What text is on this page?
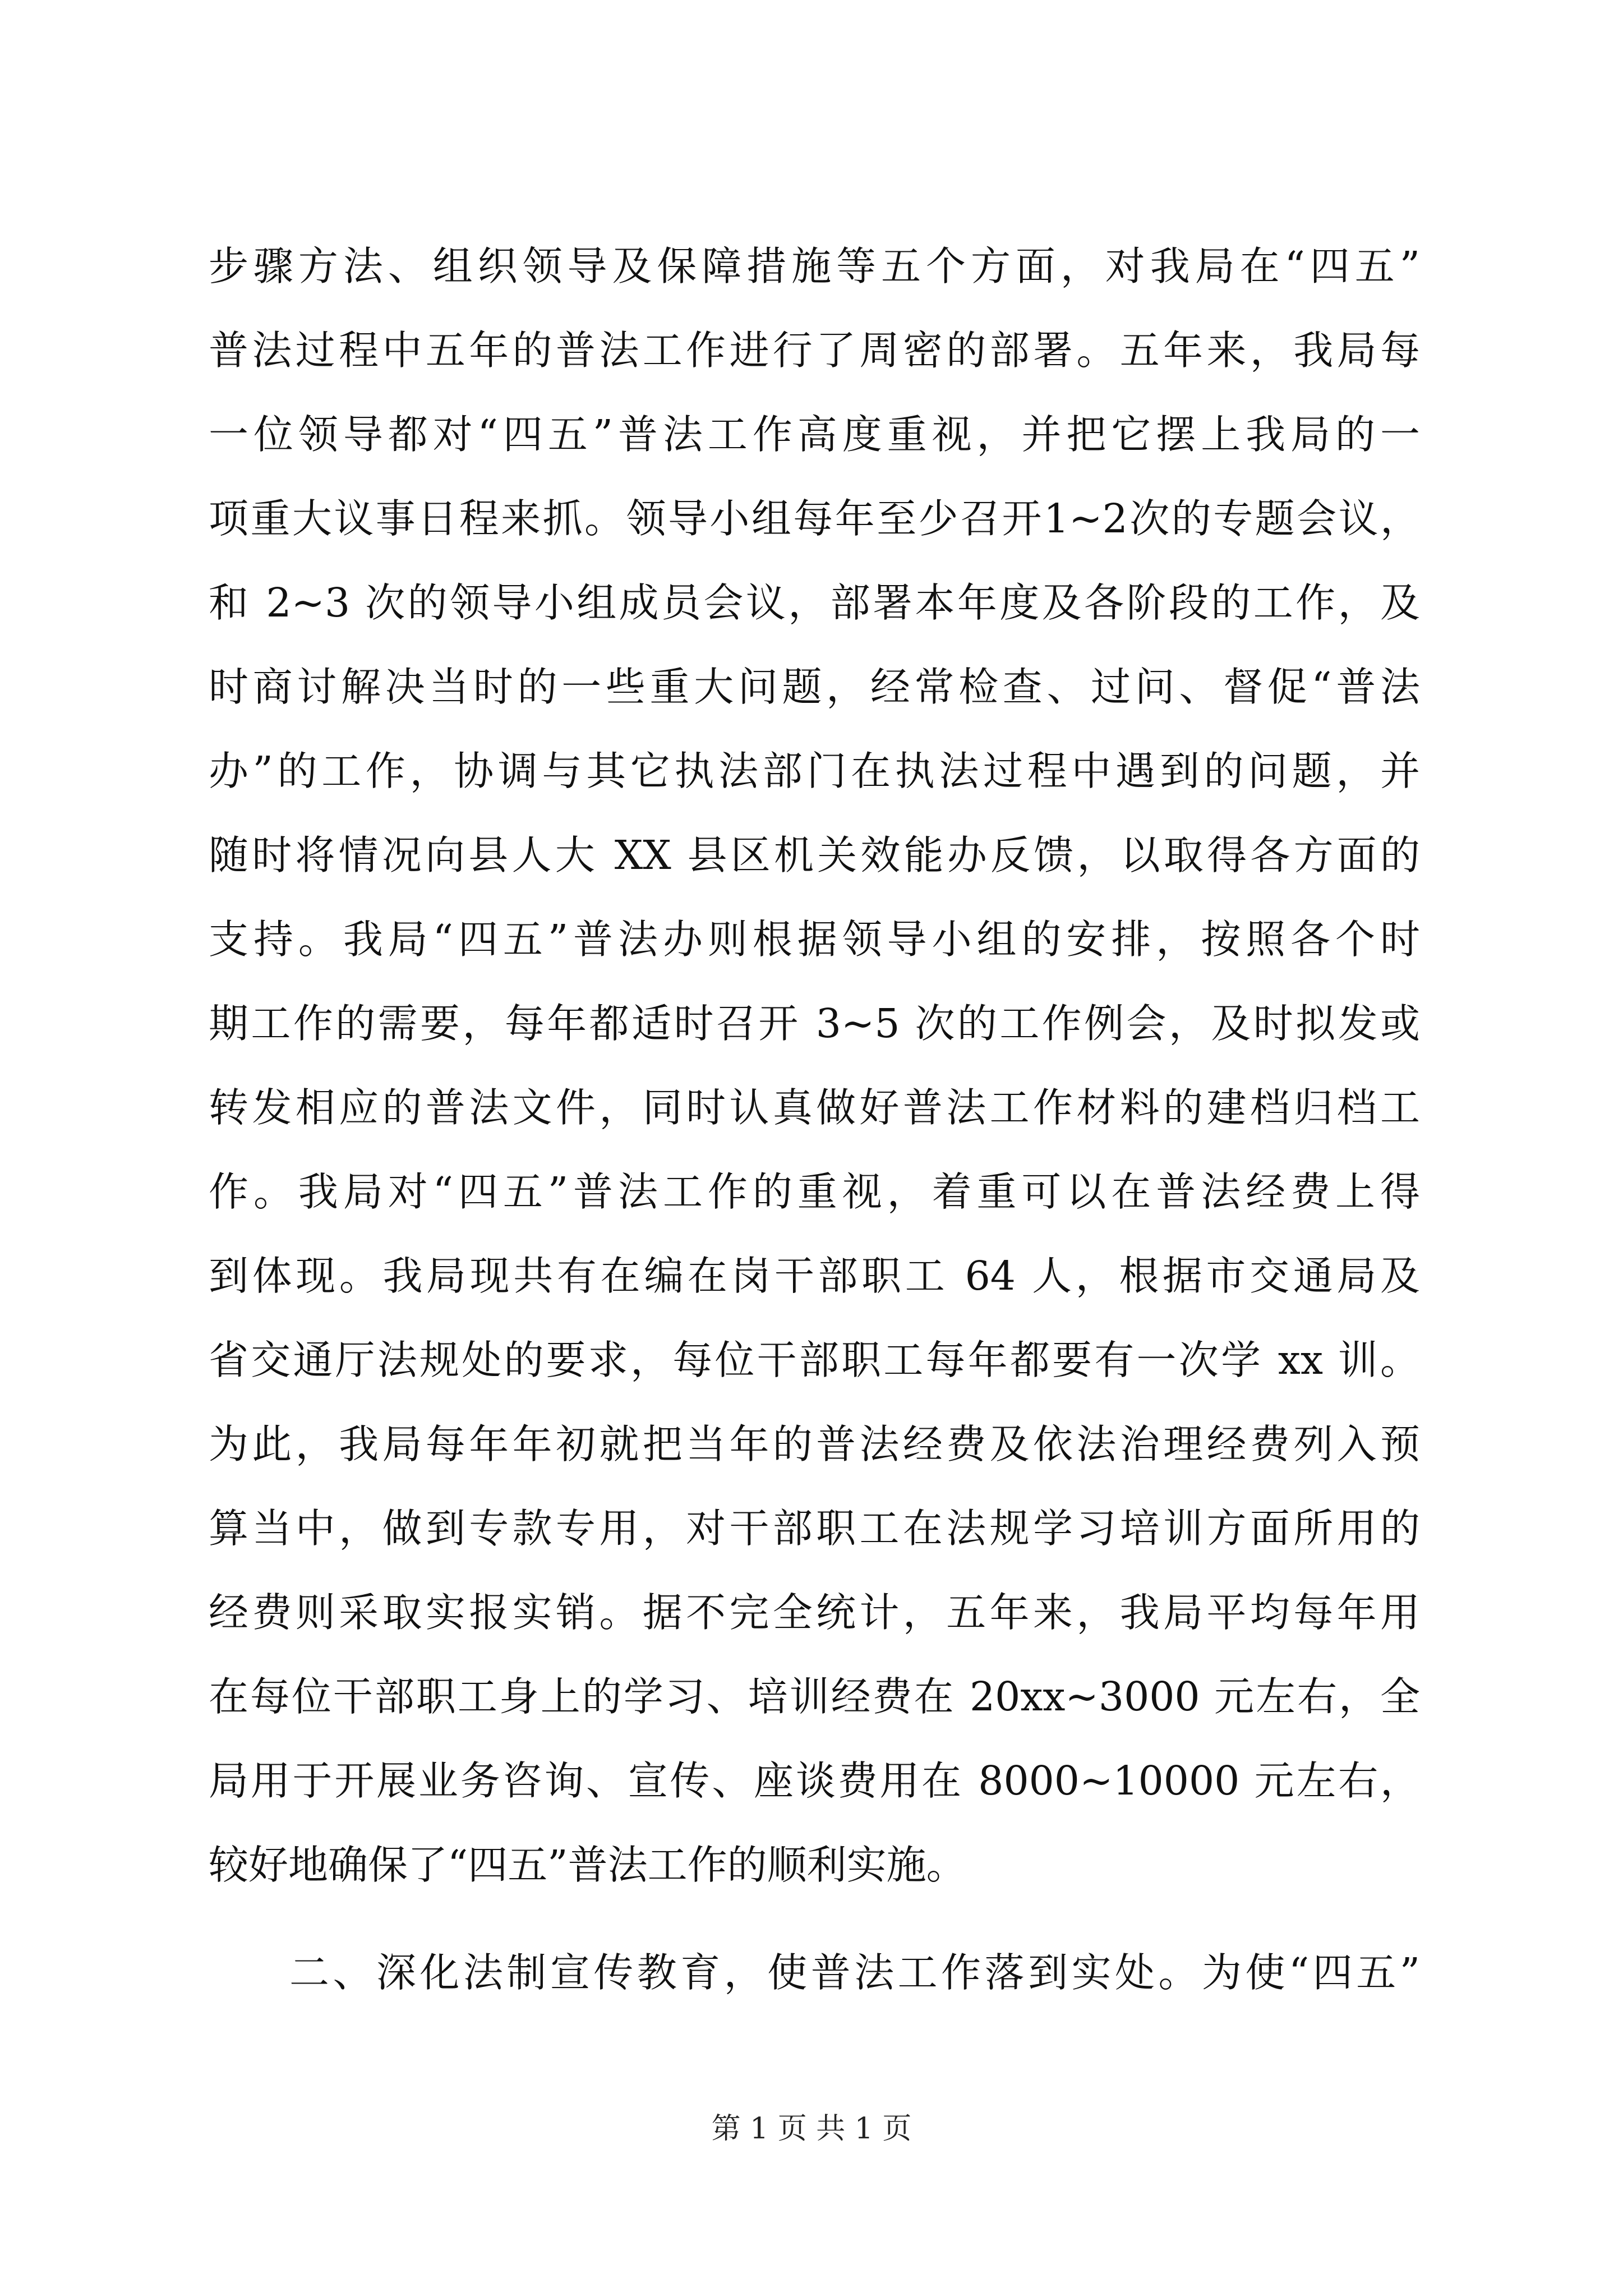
步骤方法、组织领导及保障措施等五个方面，对我局在“四五”
普法过程中五年的普法工作进行了周密的部署。五年来，我局每
一位领导都对“四五”普法工作高度重视，并把它摆上我局的一
项重大议事日程来抓。领导小组每年至少召开1~2次的专题会议，
和 2~3 次的领导小组成员会议，部署本年度及各阶段的工作，及
时商讨解决当时的一些重大问题，经常检查、过问、督促“普法
办”的工作，协调与其它执法部门在执法过程中遇到的问题，并
随时将情况向县人大 XX 县区机关效能办反馈，以取得各方面的
支持。我局“四五”普法办则根据领导小组的安排，按照各个时
期工作的需要，每年都适时召开 3~5 次的工作例会，及时拟发或
转发相应的普法文件，同时认真做好普法工作材料的建档归档工
作。我局对“四五”普法工作的重视，着重可以在普法经费上得
到体现。我局现共有在编在岗干部职工 64 人，根据市交通局及
省交通厅法规处的要求，每位干部职工每年都要有一次学 xx 训。
为此，我局每年年初就把当年的普法经费及依法治理经费列入预
算当中，做到专款专用，对干部职工在法规学习培训方面所用的
经费则采取实报实销。据不完全统计，五年来，我局平均每年用
在每位干部职工身上的学习、培训经费在 20xx~3000 元左右，全
局用于开展业务咨询、宣传、座谈费用在 8000~10000 元左右，
较好地确保了“四五”普法工作的顺利实施。
二、深化法制宣传教育，使普法工作落到实处。为使“四五”
第 1 页 共 1 页
